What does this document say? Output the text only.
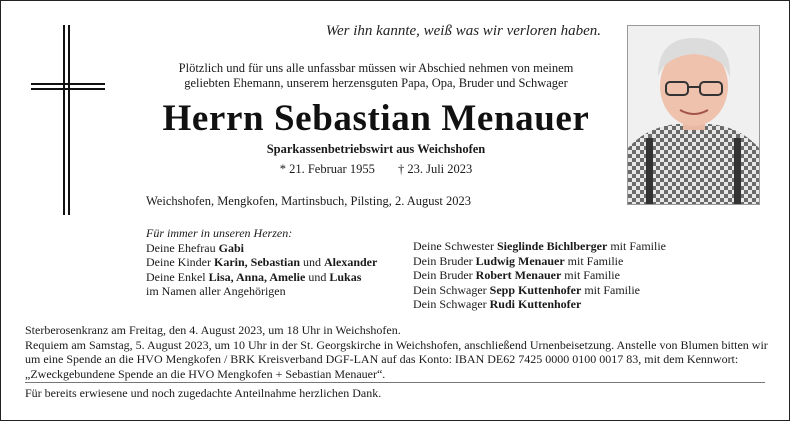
Wer ihn kannte, weiß was wir verloren haben.
Plötzlich und für uns alle unfassbar müssen wir Abschied nehmen von meinem
geliebten Ehemann, unserem herzensguten Papa, Opa, Bruder und Schwager
Herrn Sebastian Menauer
Sparkassenbetriebswirt aus Weichshofen
* 21. Februar 1955 † 23. Juli 2023
Weichshofen, Mengkofen, Martinsbuch, Pilsting, 2. August 2023
Für immer in unseren Herzen:
Deine Ehefrau Gabi
Deine Kinder Karin, Sebastian und Alexander
Deine Enkel Lisa, Anna, Amelie und Lukas
im Namen aller Angehörigen
Deine Schwester Sieglinde Bichlberger mit Familie
Dein Bruder Ludwig Menauer mit Familie
Dein Bruder Robert Menauer mit Familie
Dein Schwager Sepp Kuttenhofer mit Familie
Dein Schwager Rudi Kuttenhofer
Sterberosenkranz am Freitag, den 4. August 2023, um 18 Uhr in Weichshofen.
Requiem am Samstag, 5. August 2023, um 10 Uhr in der St. Georgskirche in Weichshofen, anschließend Urnenbeisetzung. Anstelle von Blumen bitten wir um eine Spende an die HVO Mengkofen / BRK Kreisverband DGF-LAN auf das Konto: IBAN DE62 7425 0000 0100 0017 83, mit dem Kennwort: „Zweckgebundene Spende an die HVO Mengkofen + Sebastian Menauer“.
Für bereits erwiesene und noch zugedachte Anteilnahme herzlichen Dank.
